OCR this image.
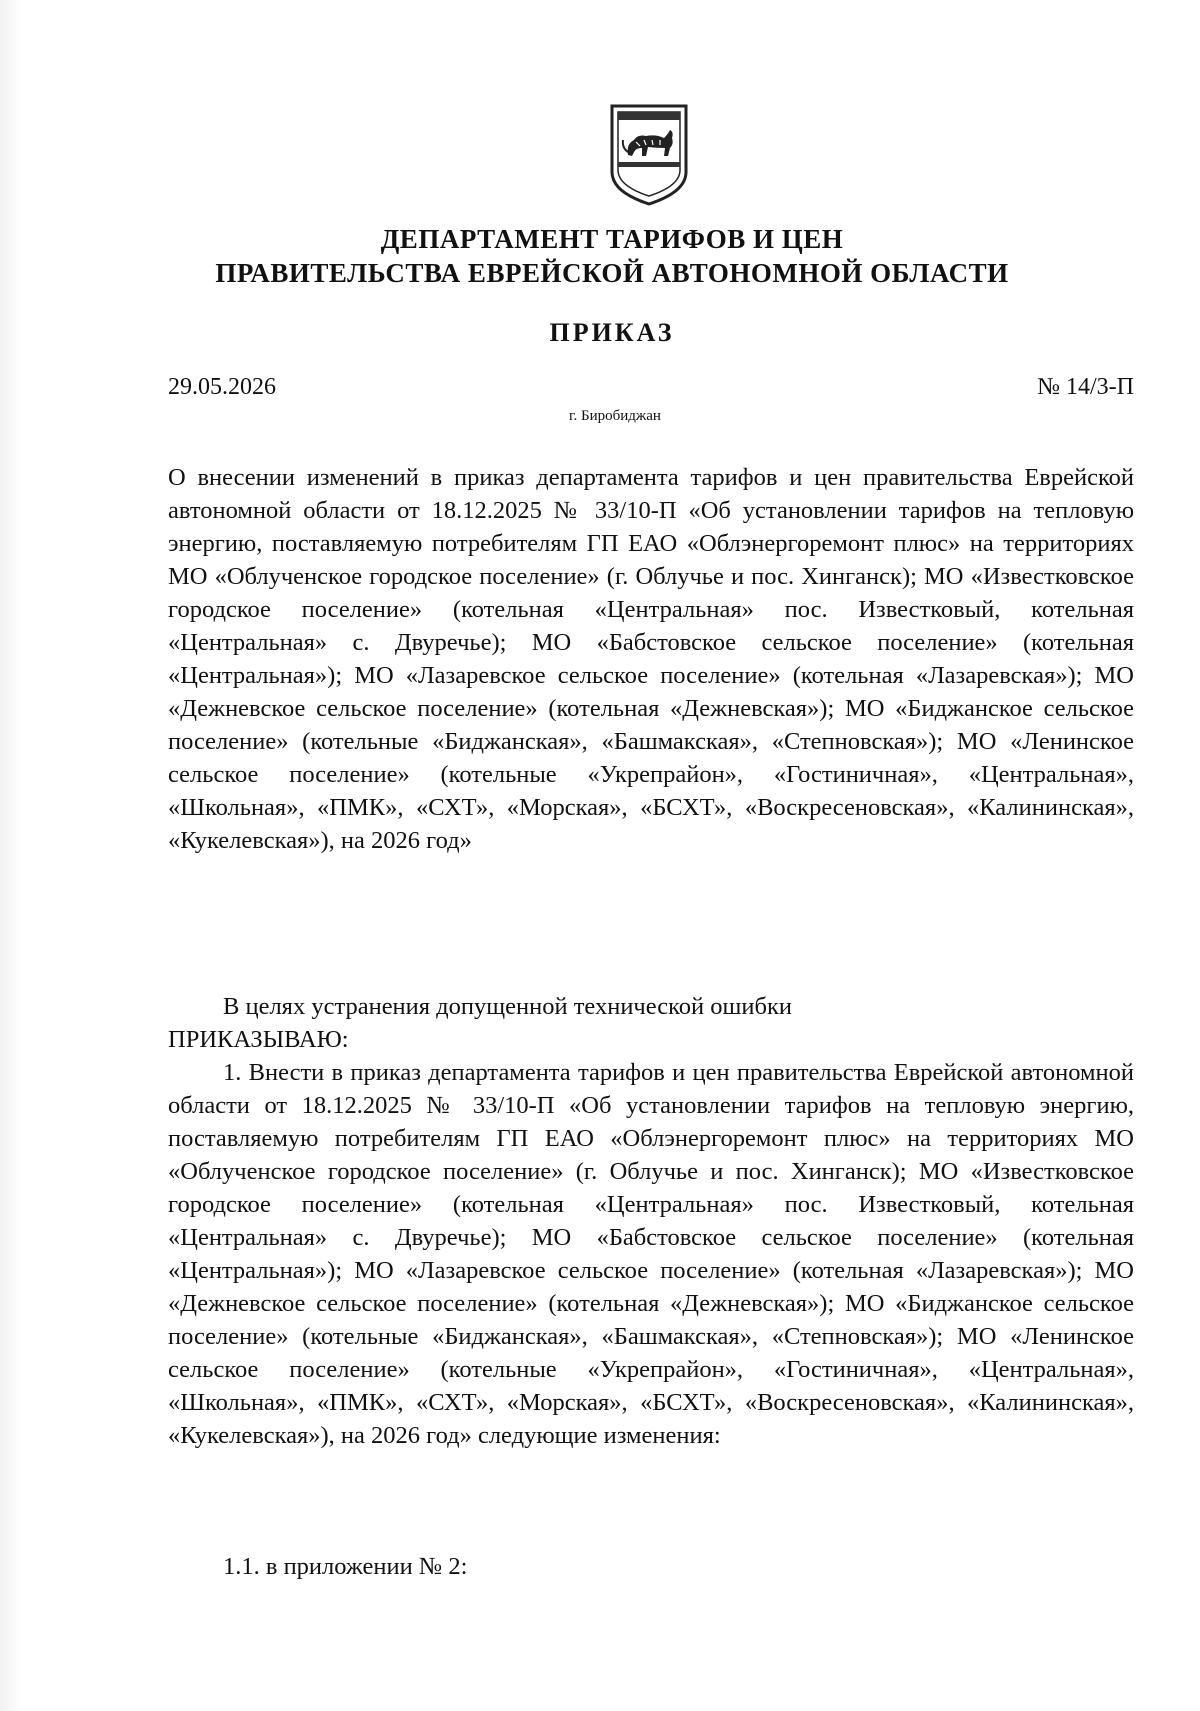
ДЕПАРТАМЕНТ ТАРИФОВ И ЦЕН
ПРАВИТЕЛЬСТВА ЕВРЕЙСКОЙ АВТОНОМНОЙ ОБЛАСТИ
ПРИКАЗ
29.05.2026	№ 14/3-П
г. Биробиджан
О внесении изменений в приказ департамента тарифов и цен правительства Еврейской автономной области от 18.12.2025 № 33/10-П «Об установлении тарифов на тепловую энергию, поставляемую потребителям ГП ЕАО «Облэнергоремонт плюс» на территориях МО «Облученское городское поселение» (г. Облучье и пос. Хинганск); МО «Известковское городское поселение» (котельная «Центральная» пос. Известковый, котельная «Центральная» с. Двуречье); МО «Бабстовское сельское поселение» (котельная «Центральная»); МО «Лазаревское сельское поселение» (котельная «Лазаревская»); МО «Дежневское сельское поселение» (котельная «Дежневская»); МО «Биджанское сельское поселение» (котельные «Биджанская», «Башмакская», «Степновская»); МО «Ленинское сельское поселение» (котельные «Укрепрайон», «Гостиничная», «Центральная», «Школьная», «ПМК», «СХТ», «Морская», «БСХТ», «Воскресеновская», «Калининская», «Кукелевская»), на 2026 год»
В целях устранения допущенной технической ошибки
ПРИКАЗЫВАЮ:
1. Внести в приказ департамента тарифов и цен правительства Еврейской автономной области от 18.12.2025 № 33/10-П «Об установлении тарифов на тепловую энергию, поставляемую потребителям ГП ЕАО «Облэнергоремонт плюс» на территориях МО «Облученское городское поселение» (г. Облучье и пос. Хинганск); МО «Известковское городское поселение» (котельная «Центральная» пос. Известковый, котельная «Центральная» с. Двуречье); МО «Бабстовское сельское поселение» (котельная «Центральная»); МО «Лазаревское сельское поселение» (котельная «Лазаревская»); МО «Дежневское сельское поселение» (котельная «Дежневская»); МО «Биджанское сельское поселение» (котельные «Биджанская», «Башмакская», «Степновская»); МО «Ленинское сельское поселение» (котельные «Укрепрайон», «Гостиничная», «Центральная», «Школьная», «ПМК», «СХТ», «Морская», «БСХТ», «Воскресеновская», «Калининская», «Кукелевская»), на 2026 год» следующие изменения:
1.1. в приложении № 2:
